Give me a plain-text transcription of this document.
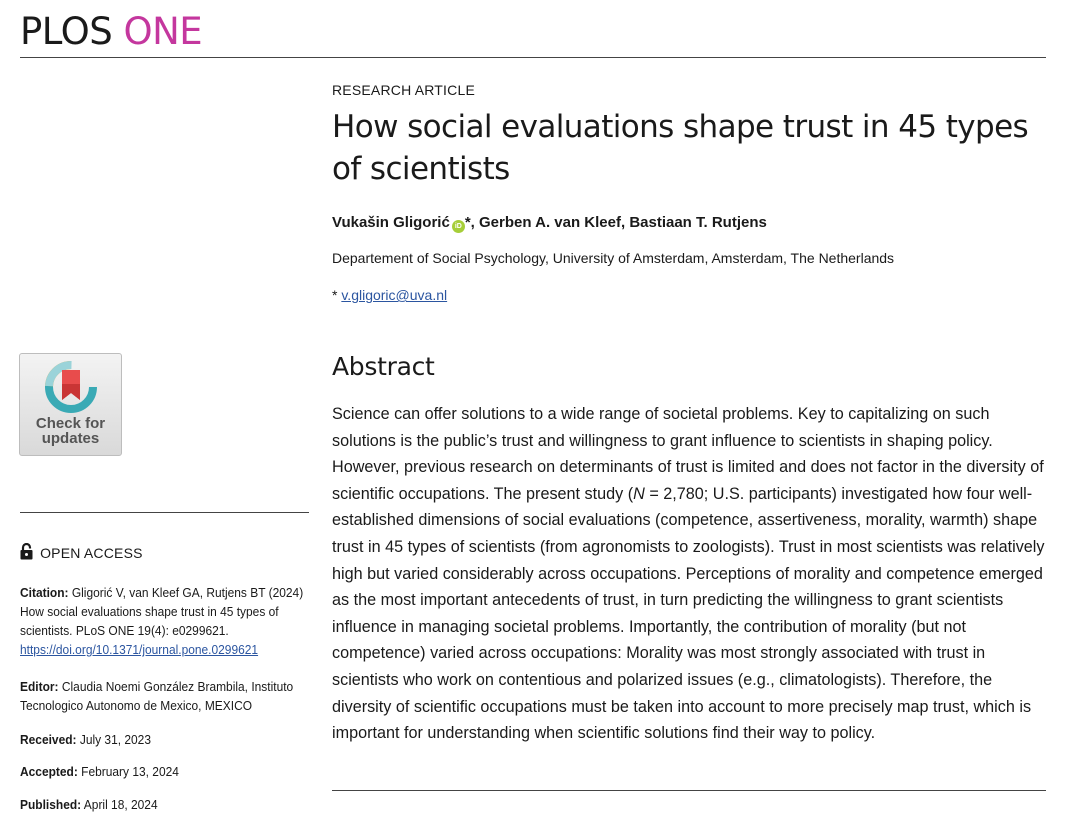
PLOS ONE
RESEARCH ARTICLE
How social evaluations shape trust in 45 types of scientists
Vukašin Gligorić iD *, Gerben A. van Kleef, Bastiaan T. Rutjens
Departement of Social Psychology, University of Amsterdam, Amsterdam, The Netherlands
* v.gligoric@uva.nl
Check for
updates
OPEN ACCESS
Citation: Gligorić V, van Kleef GA, Rutjens BT (2024) How social evaluations shape trust in 45 types of scientists. PLoS ONE 19(4): e0299621. https://doi.org/10.1371/journal.pone.0299621
Editor: Claudia Noemi González Brambila, Instituto Tecnologico Autonomo de Mexico, MEXICO
Received: July 31, 2023
Accepted: February 13, 2024
Published: April 18, 2024
Abstract

Science can offer solutions to a wide range of societal problems. Key to capitalizing on such solutions is the public’s trust and willingness to grant influence to scientists in shaping policy. However, previous research on determinants of trust is limited and does not factor in the diversity of scientific occupations. The present study (N = 2,780; U.S. participants) investigated how four well-established dimensions of social evaluations (competence, assertiveness, morality, warmth) shape trust in 45 types of scientists (from agronomists to zoologists). Trust in most scientists was relatively high but varied considerably across occupations. Perceptions of morality and competence emerged as the most important antecedents of trust, in turn predicting the willingness to grant scientists influence in managing societal problems. Importantly, the contribution of morality (but not competence) varied across occupations: Morality was most strongly associated with trust in scientists who work on contentious and polarized issues (e.g., climatologists). Therefore, the diversity of scientific occupations must be taken into account to more precisely map trust, which is important for understanding when scientific solutions find their way to policy.
